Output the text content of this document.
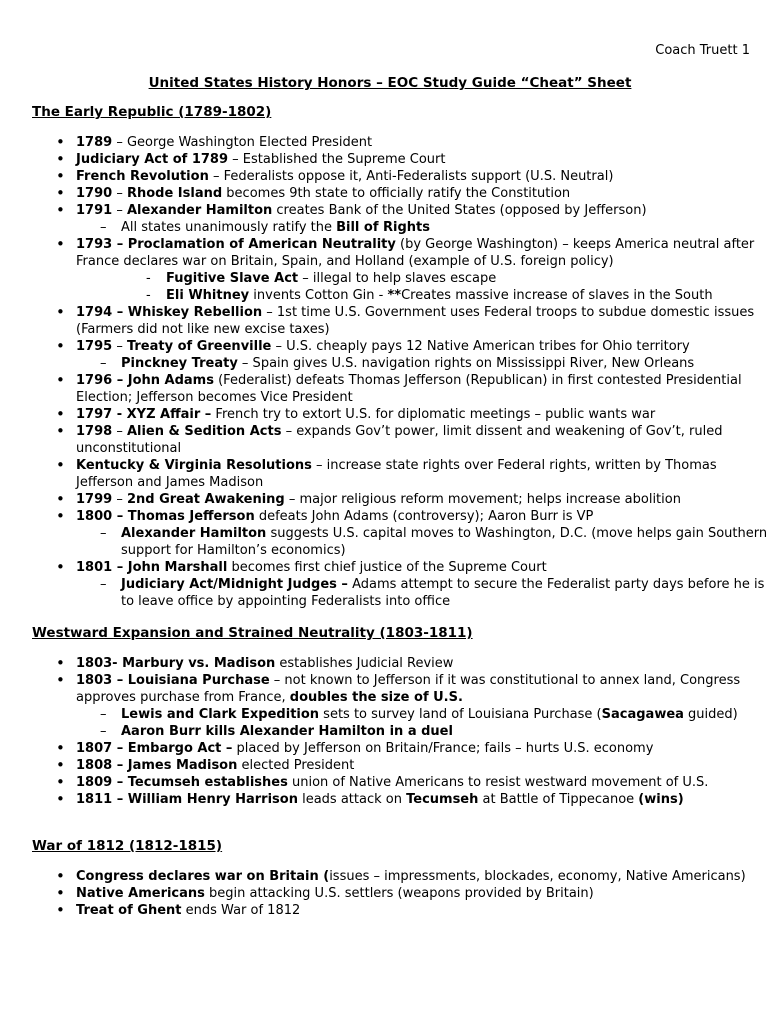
Coach Truett 1
United States History Honors – EOC Study Guide “Cheat” Sheet
The Early Republic (1789-1802)
• 1789 – George Washington Elected President
• Judiciary Act of 1789 – Established the Supreme Court
• French Revolution – Federalists oppose it, Anti-Federalists support (U.S. Neutral)
• 1790 – Rhode Island becomes 9th state to officially ratify the Constitution
• 1791 – Alexander Hamilton creates Bank of the United States (opposed by Jefferson)
– All states unanimously ratify the Bill of Rights
• 1793 – Proclamation of American Neutrality (by George Washington) – keeps America neutral after France declares war on Britain, Spain, and Holland (example of U.S. foreign policy)
- Fugitive Slave Act – illegal to help slaves escape
- Eli Whitney invents Cotton Gin - **Creates massive increase of slaves in the South
• 1794 – Whiskey Rebellion – 1st time U.S. Government uses Federal troops to subdue domestic issues (Farmers did not like new excise taxes)
• 1795 – Treaty of Greenville – U.S. cheaply pays 12 Native American tribes for Ohio territory
– Pinckney Treaty – Spain gives U.S. navigation rights on Mississippi River, New Orleans
• 1796 – John Adams (Federalist) defeats Thomas Jefferson (Republican) in first contested Presidential Election; Jefferson becomes Vice President
• 1797 - XYZ Affair – French try to extort U.S. for diplomatic meetings – public wants war
• 1798 – Alien & Sedition Acts – expands Gov’t power, limit dissent and weakening of Gov’t, ruled unconstitutional
• Kentucky & Virginia Resolutions – increase state rights over Federal rights, written by Thomas Jefferson and James Madison
• 1799 – 2nd Great Awakening – major religious reform movement; helps increase abolition
• 1800 – Thomas Jefferson defeats John Adams (controversy); Aaron Burr is VP
– Alexander Hamilton suggests U.S. capital moves to Washington, D.C. (move helps gain Southern support for Hamilton’s economics)
• 1801 – John Marshall becomes first chief justice of the Supreme Court
– Judiciary Act/Midnight Judges – Adams attempt to secure the Federalist party days before he is to leave office by appointing Federalists into office
Westward Expansion and Strained Neutrality (1803-1811)
• 1803- Marbury vs. Madison establishes Judicial Review
• 1803 – Louisiana Purchase – not known to Jefferson if it was constitutional to annex land, Congress approves purchase from France, doubles the size of U.S.
– Lewis and Clark Expedition sets to survey land of Louisiana Purchase (Sacagawea guided)
– Aaron Burr kills Alexander Hamilton in a duel
• 1807 – Embargo Act – placed by Jefferson on Britain/France; fails – hurts U.S. economy
• 1808 – James Madison elected President
• 1809 – Tecumseh establishes union of Native Americans to resist westward movement of U.S.
• 1811 – William Henry Harrison leads attack on Tecumseh at Battle of Tippecanoe (wins)
War of 1812 (1812-1815)
• Congress declares war on Britain (issues – impressments, blockades, economy, Native Americans)
• Native Americans begin attacking U.S. settlers (weapons provided by Britain)
• Treat of Ghent ends War of 1812
